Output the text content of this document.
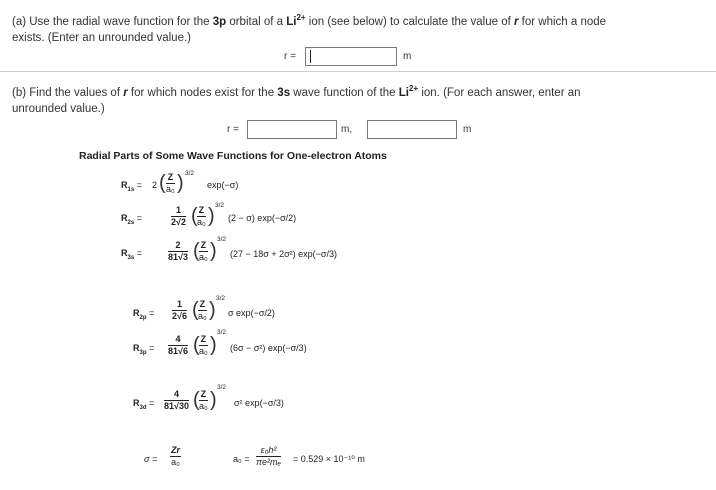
(a) Use the radial wave function for the 3p orbital of a $Li^{2+}$ ion (see below) to calculate the value of r for which a node
exists. (Enter an unrounded value.)
r =	m
(b) Find the values of r for which nodes exist for the 3s wave function of the $Li^{2+}$ ion. (For each answer, enter an
unrounded value.)
r =	m,	m
Radial Parts of Some Wave Functions for One-electron Atoms
$R_{1s} = 2$ ( $\frac{Z}{\text{a₀}}$ ) 3/2
exp(−σ)
$R_{2s}$ =	$\frac{1}{2√2}$ ( $\frac{Z}{\text{a₀}}$ ) 3/2
(2 − σ) exp(−σ/2)
$R_{3s}$ =	$\frac{2}{81√3}$ ( $\frac{Z}{\text{a₀}}$ )
3/2
(27 − 18σ + 2σ²) exp(−σ/3)
$R_{2p} = \frac{1}{2√6}$ ( $\frac{Z}{\text{a₀}}$ )
3/2
σ exp(−σ/2)
$R_{3p} = \frac{4}{81√6}$ ( $\frac{Z}{\text{a₀}}$ )
3/2
(6σ − σ²) exp(−σ/3)
$R_{3d} = \frac{4}{81√30}$ ( $\frac{Z}{\text{a₀}}$ )
3/2
σ² exp(−σ/3)
$\sigma = \frac{Zr}{\text{a₀}}$	$a_0 = \frac{\text{ε₀h²}}{\text{πe²mₑ}} = 0.529 \times 10^{-10}$ m
